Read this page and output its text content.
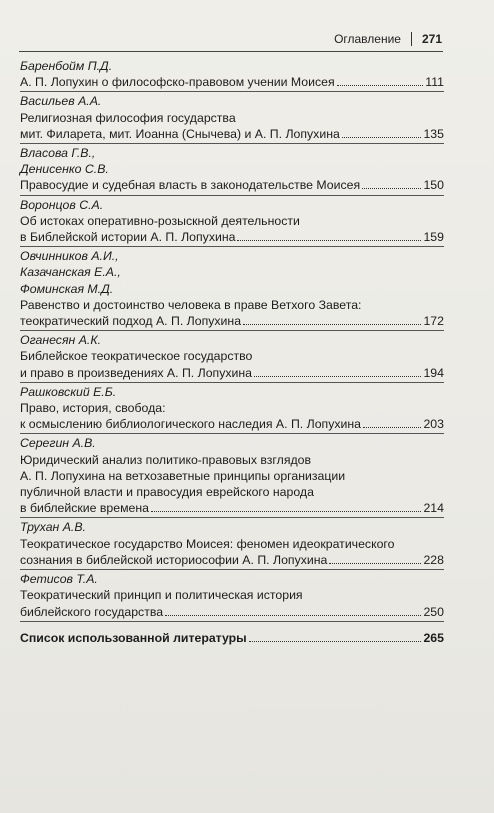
Оглавление 271
Баренбойм П.Д.
А. П. Лопухин о философско-правовом учении Моисея	111
Васильев А.А.
Религиозная философия государства
мит. Филарета, мит. Иоанна (Снычева) и А. П. Лопухина	135
Власова Г.В.,
Денисенко С.В.
Правосудие и судебная власть в законодательстве Моисея	150
Воронцов С.А.
Об истоках оперативно-розыскной деятельности
в Библейской истории А. П. Лопухина	159
Овчинников А.И.,
Казачанская Е.А.,
Фоминская М.Д.
Равенство и достоинство человека в праве Ветхого Завета:
теократический подход А. П. Лопухина	172
Оганесян А.К.
Библейское теократическое государство
и право в произведениях А. П. Лопухина	194
Рашковский Е.Б.
Право, история, свобода:
к осмыслению библиологического наследия А. П. Лопухина	203
Серегин А.В.
Юридический анализ политико-правовых взглядов
А. П. Лопухина на ветхозаветные принципы организации
публичной власти и правосудия еврейского народа
в библейские времена	214
Трухан А.В.
Теократическое государство Моисея: феномен идеократического
сознания в библейской историософии А. П. Лопухина	228
Фетисов Т.А.
Теократический принцип и политическая история
библейского государства	250
Список использованной литературы	265
